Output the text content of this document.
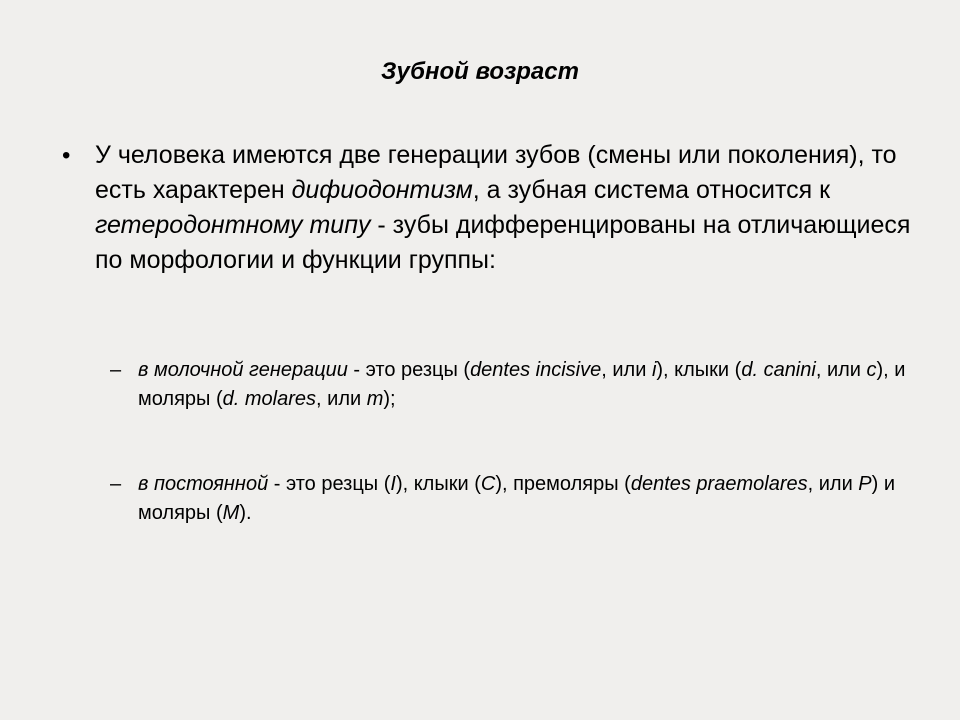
Зубной возраст
• У человека имеются две генерации зубов (смены или поколения), то есть характерен дифиодонтизм, а зубная система относится к гетеродонтному типу - зубы дифференцированы на отличающиеся по морфологии и функции группы:
– в молочной генерации - это резцы (dentes incisive, или i), клыки (d. canini, или c), и моляры (d. molares, или m);
– в постоянной - это резцы (I), клыки (C), премоляры (dentes praemolares, или P) и моляры (M).
